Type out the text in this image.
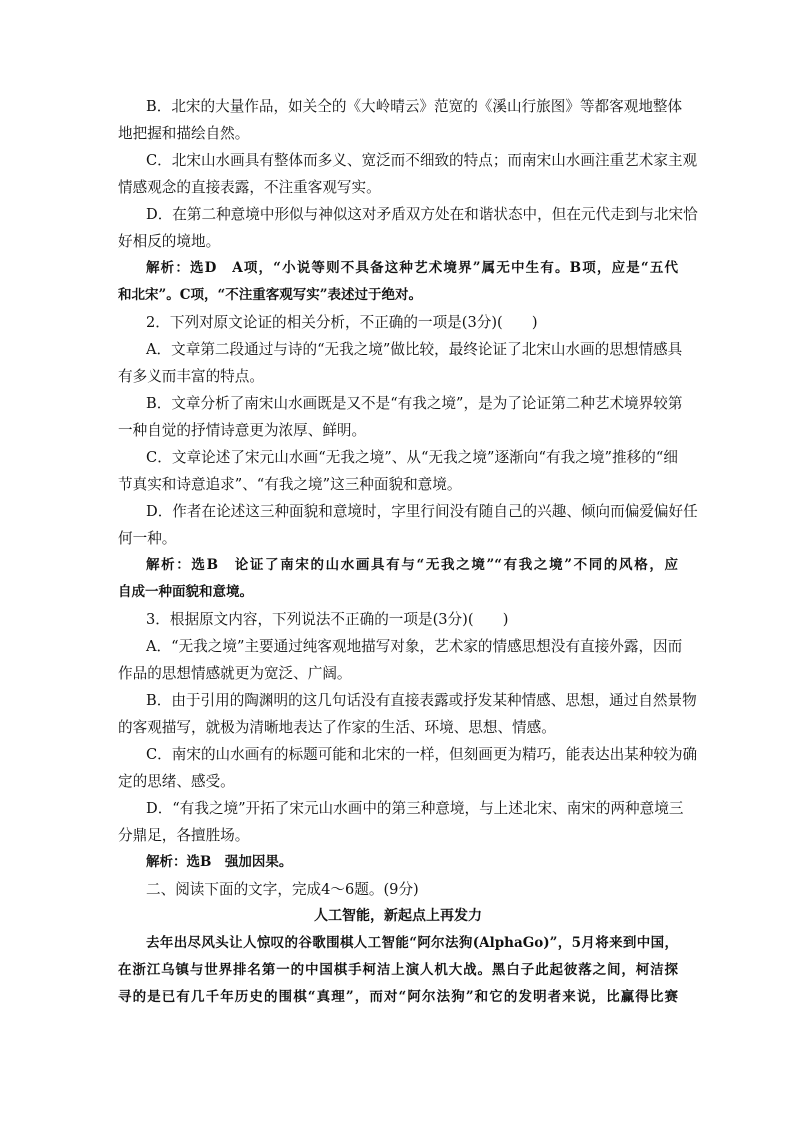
B．北宋的大量作品，如关仝的《大岭晴云》范宽的《溪山行旅图》等都客观地整体
地把握和描绘自然。
C．北宋山水画具有整体而多义、宽泛而不细致的特点；而南宋山水画注重艺术家主观
情感观念的直接表露，不注重客观写实。
D．在第二种意境中形似与神似这对矛盾双方处在和谐状态中，但在元代走到与北宋恰
好相反的境地。
解析：选D　A项，“小说等则不具备这种艺术境界”属无中生有。B项，应是“五代
和北宋”。C项，“不注重客观写实”表述过于绝对。
2．下列对原文论证的相关分析，不正确的一项是(3分)(　　)
A．文章第二段通过与诗的“无我之境”做比较，最终论证了北宋山水画的思想情感具
有多义而丰富的特点。
B．文章分析了南宋山水画既是又不是“有我之境”，是为了论证第二种艺术境界较第
一种自觉的抒情诗意更为浓厚、鲜明。
C．文章论述了宋元山水画“无我之境”、从“无我之境”逐渐向“有我之境”推移的“细
节真实和诗意追求”、“有我之境”这三种面貌和意境。
D．作者在论述这三种面貌和意境时，字里行间没有随自己的兴趣、倾向而偏爱偏好任
何一种。
解析：选B　论证了南宋的山水画具有与“无我之境”“有我之境”不同的风格，应
自成一种面貌和意境。
3．根据原文内容，下列说法不正确的一项是(3分)(　　)
A．“无我之境”主要通过纯客观地描写对象，艺术家的情感思想没有直接外露，因而
作品的思想情感就更为宽泛、广阔。
B．由于引用的陶渊明的这几句话没有直接表露或抒发某种情感、思想，通过自然景物
的客观描写，就极为清晰地表达了作家的生活、环境、思想、情感。
C．南宋的山水画有的标题可能和北宋的一样，但刻画更为精巧，能表达出某种较为确
定的思绪、感受。
D．“有我之境”开拓了宋元山水画中的第三种意境，与上述北宋、南宋的两种意境三
分鼎足，各擅胜场。
解析：选B　强加因果。
二、阅读下面的文字，完成4～6题。(9分)
人工智能，新起点上再发力
去年出尽风头让人惊叹的谷歌围棋人工智能“阿尔法狗(AlphaGo)”，5月将来到中国，
在浙江乌镇与世界排名第一的中国棋手柯洁上演人机大战。黑白子此起彼落之间，柯洁探
寻的是已有几千年历史的围棋“真理”，而对“阿尔法狗”和它的发明者来说，比赢得比赛
